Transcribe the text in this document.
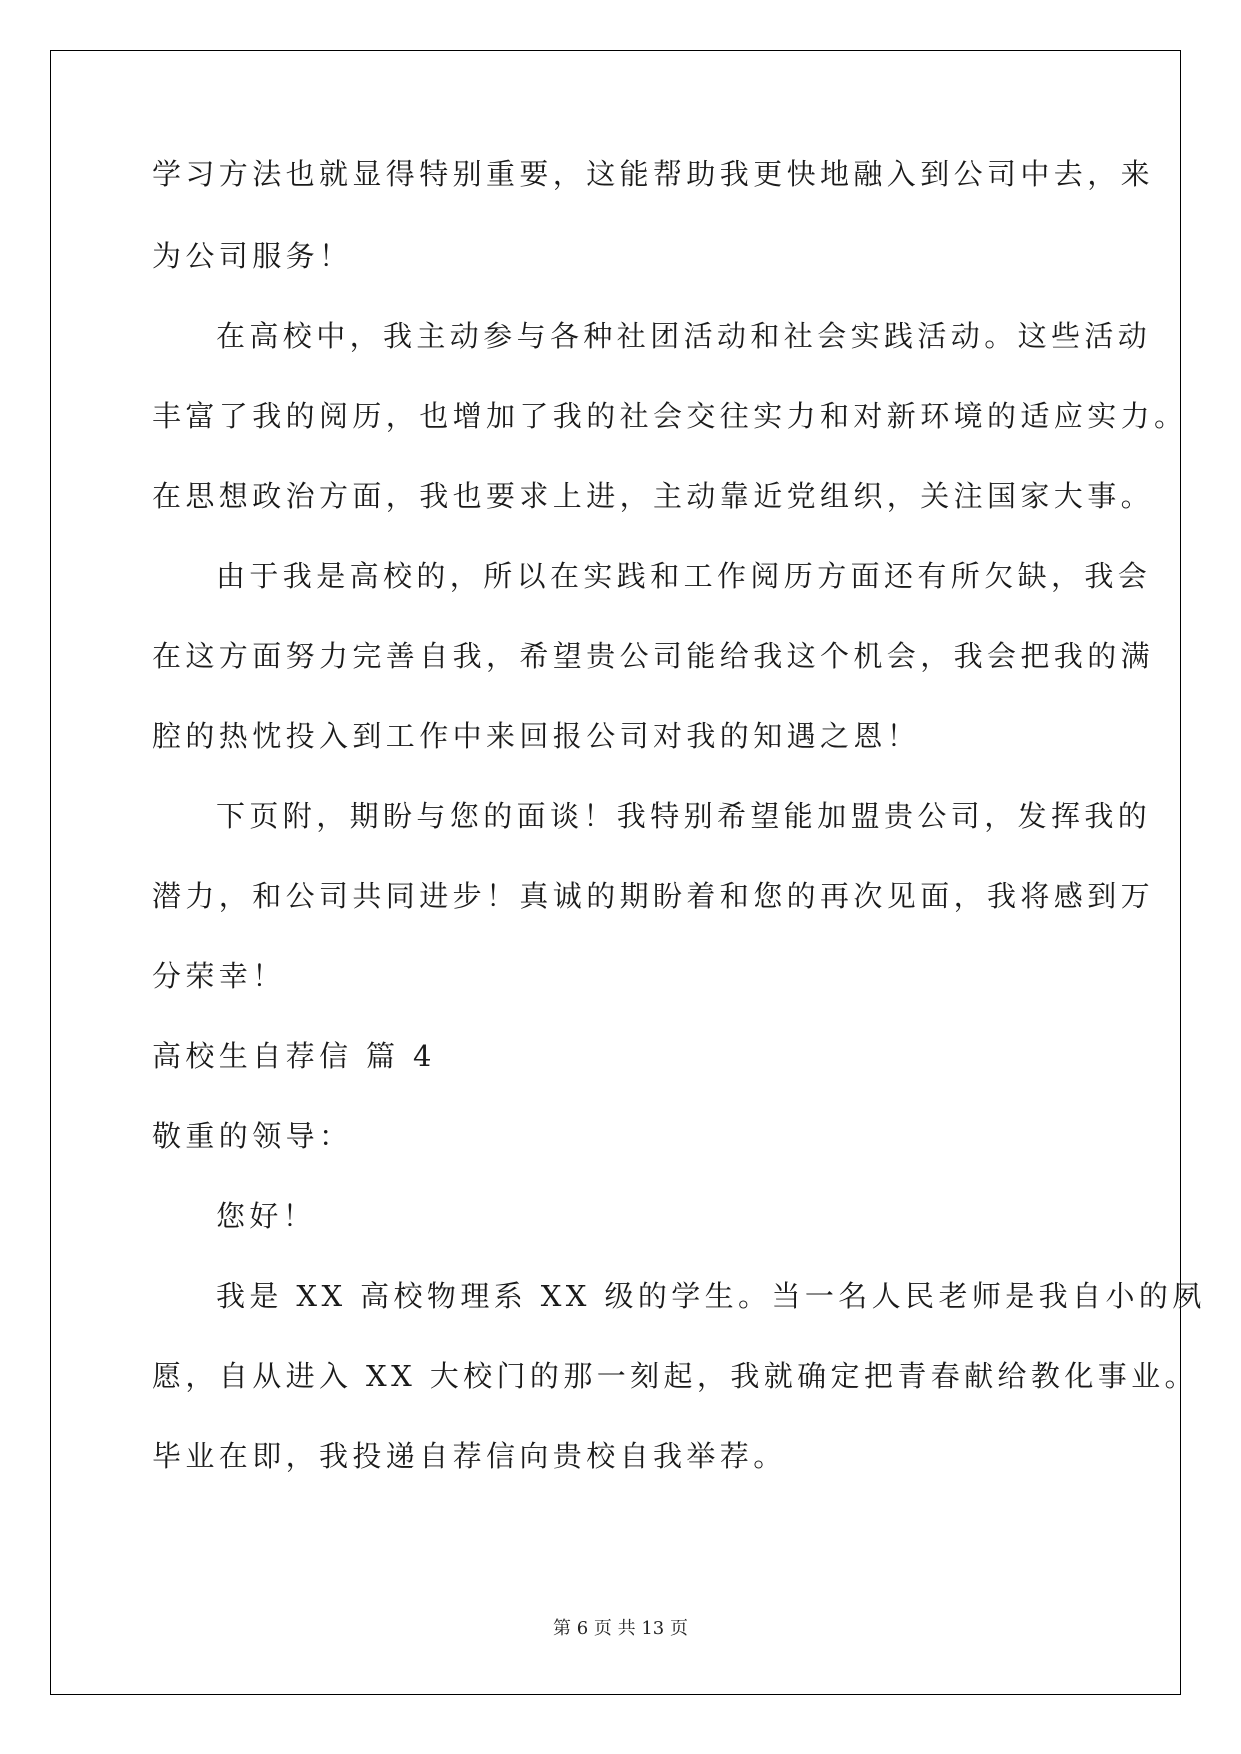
学习方法也就显得特别重要，这能帮助我更快地融入到公司中去，来
为公司服务！
在高校中，我主动参与各种社团活动和社会实践活动。这些活动
丰富了我的阅历，也增加了我的社会交往实力和对新环境的适应实力。
在思想政治方面，我也要求上进，主动靠近党组织，关注国家大事。
由于我是高校的，所以在实践和工作阅历方面还有所欠缺，我会
在这方面努力完善自我，希望贵公司能给我这个机会，我会把我的满
腔的热忱投入到工作中来回报公司对我的知遇之恩！
下页附，期盼与您的面谈！我特别希望能加盟贵公司，发挥我的
潜力，和公司共同进步！真诚的期盼着和您的再次见面，我将感到万
分荣幸！
高校生自荐信 篇 4
敬重的领导：
您好！
我是 XX 高校物理系 XX 级的学生。当一名人民老师是我自小的夙
愿，自从进入 XX 大校门的那一刻起，我就确定把青春献给教化事业。
毕业在即，我投递自荐信向贵校自我举荐。
第 6 页 共 13 页
